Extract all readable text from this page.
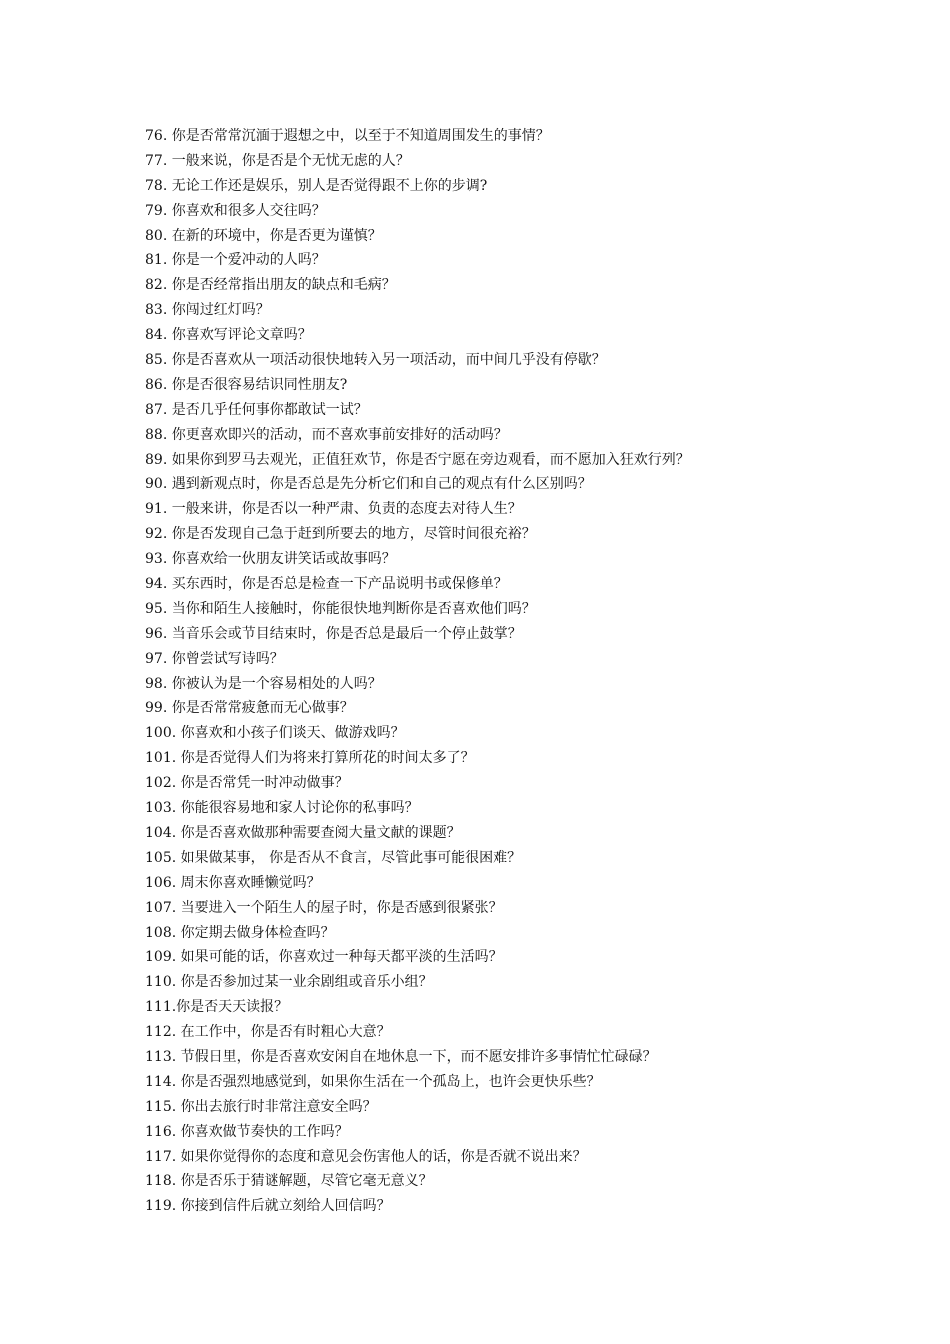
76. 你是否常常沉湎于遐想之中，以至于不知道周围发生的事情？
77. 一般来说，你是否是个无忧无虑的人？
78. 无论工作还是娱乐，别人是否觉得跟不上你的步调?
79. 你喜欢和很多人交往吗？
80. 在新的环境中，你是否更为谨慎？
81. 你是一个爱冲动的人吗？
82. 你是否经常指出朋友的缺点和毛病？
83. 你闯过红灯吗？
84. 你喜欢写评论文章吗？
85. 你是否喜欢从一项活动很快地转入另一项活动，而中间几乎没有停歇？
86. 你是否很容易结识同性朋友?
87. 是否几乎任何事你都敢试一试？
88. 你更喜欢即兴的活动，而不喜欢事前安排好的活动吗？
89. 如果你到罗马去观光，正值狂欢节，你是否宁愿在旁边观看，而不愿加入狂欢行列？
90. 遇到新观点时，你是否总是先分析它们和自己的观点有什么区别吗？
91. 一般来讲，你是否以一种严肃、负责的态度去对待人生？
92. 你是否发现自己急于赶到所要去的地方，尽管时间很充裕？
93. 你喜欢给一伙朋友讲笑话或故事吗？
94. 买东西时，你是否总是检查一下产品说明书或保修单？
95. 当你和陌生人接触时，你能很快地判断你是否喜欢他们吗？
96. 当音乐会或节目结束时，你是否总是最后一个停止鼓掌？
97. 你曾尝试写诗吗？
98. 你被认为是一个容易相处的人吗？
99. 你是否常常疲惫而无心做事？
100. 你喜欢和小孩子们谈天、做游戏吗？
101. 你是否觉得人们为将来打算所花的时间太多了？
102. 你是否常凭一时冲动做事？
103. 你能很容易地和家人讨论你的私事吗？
104. 你是否喜欢做那种需要查阅大量文献的课题？
105. 如果做某事， 你是否从不食言，尽管此事可能很困难？
106. 周末你喜欢睡懒觉吗？
107. 当要进入一个陌生人的屋子时，你是否感到很紧张？
108. 你定期去做身体检查吗？
109. 如果可能的话，你喜欢过一种每天都平淡的生活吗？
110. 你是否参加过某一业余剧组或音乐小组？
111.你是否天天读报？
112. 在工作中，你是否有时粗心大意？
113. 节假日里，你是否喜欢安闲自在地休息一下，而不愿安排许多事情忙忙碌碌？
114. 你是否强烈地感觉到，如果你生活在一个孤岛上，也许会更快乐些？
115. 你出去旅行时非常注意安全吗？
116. 你喜欢做节奏快的工作吗？
117. 如果你觉得你的态度和意见会伤害他人的话，你是否就不说出来？
118. 你是否乐于猜谜解题，尽管它毫无意义？
119. 你接到信件后就立刻给人回信吗？
